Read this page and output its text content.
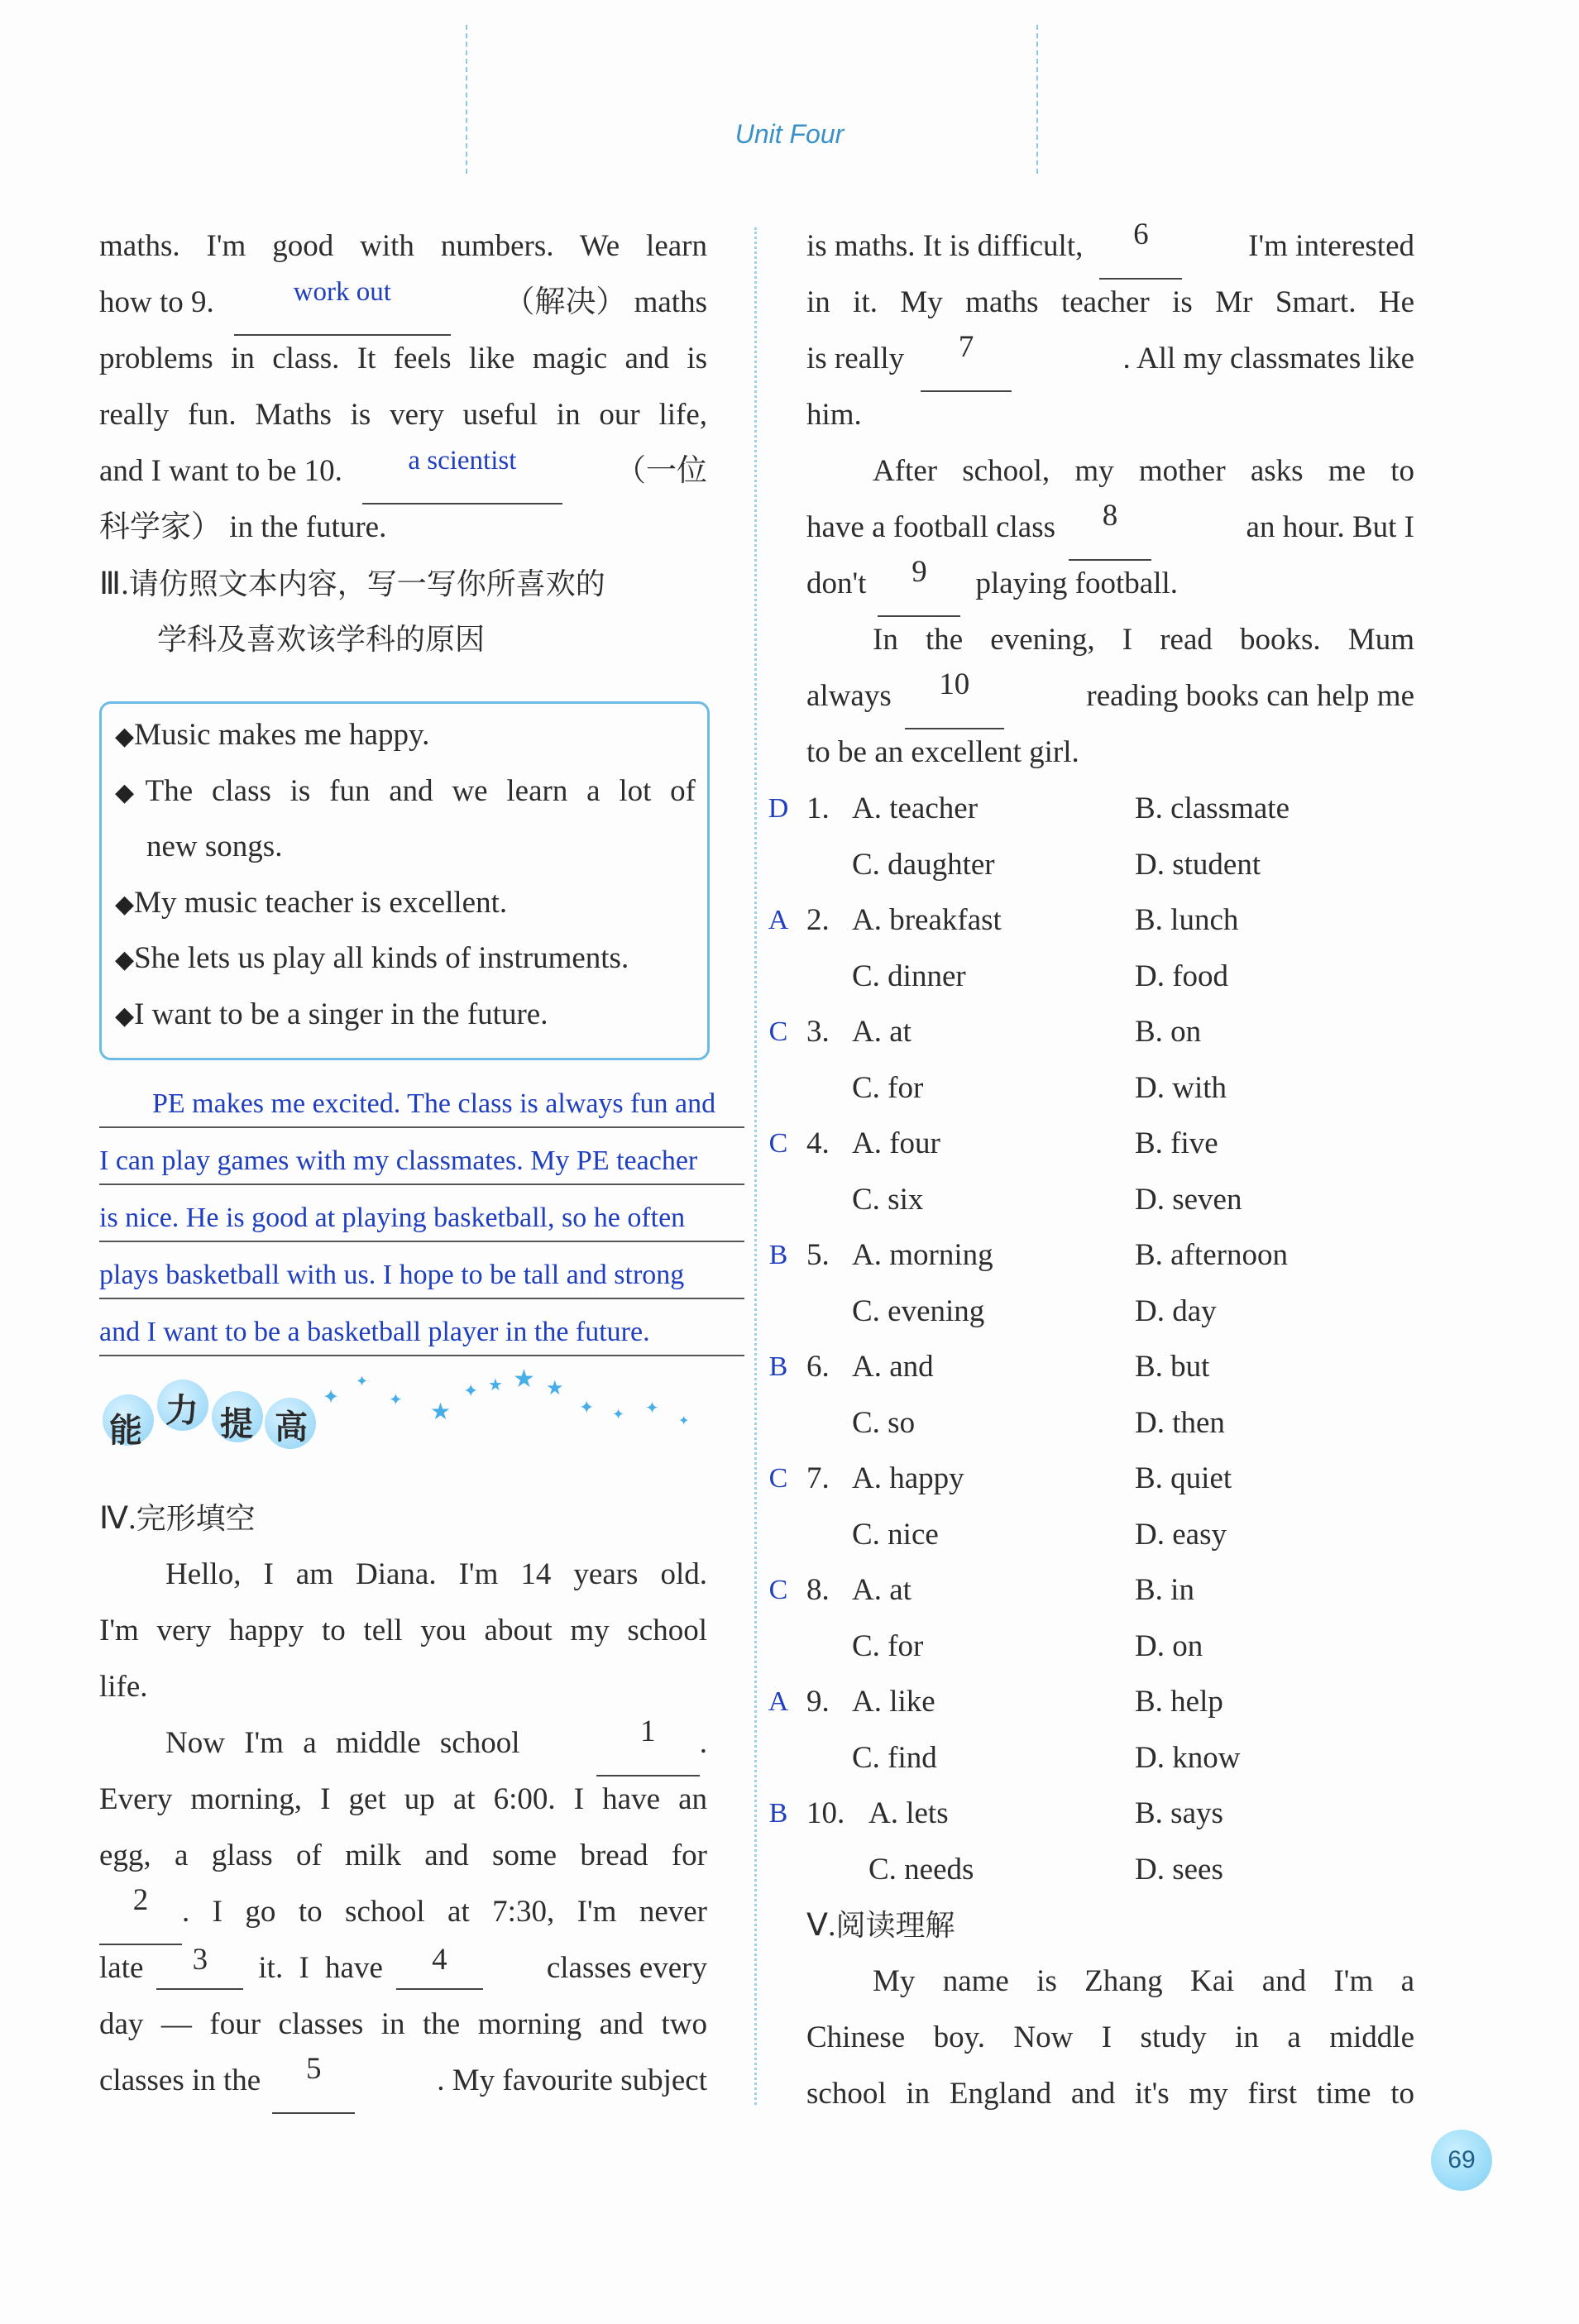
Unit Four
maths. I'm good with numbers. We learn
how to 9.	work out	（解决） maths
problems in class. It feels like magic and is
really fun. Maths is very useful in our life,
and I want to be 10.	a scientist	（一位
科学家） in the future.
Ⅲ.请仿照文本内容，写一写你所喜欢的
学科及喜欢该学科的原因
◆Music makes me happy.
◆The class is fun and we learn a lot of
new songs.
◆My music teacher is excellent.
◆She lets us play all kinds of instruments.
◆I want to be a singer in the future.
PE makes me excited. The class is always fun and
I can play games with my classmates. My PE teacher
is nice. He is good at playing basketball, so he often
plays basketball with us. I hope to be tall and strong
and I want to be a basketball player in the future.
能
力 提 高
✦
✦
✦ ★
✦ ★ ★ ★
✦ ✦ ✦
✦
Ⅳ.完形填空
Hello, I am Diana. I'm 14 years old.
I'm very happy to tell you about my school
life.
Now I'm a middle school	1	.
Every morning, I get up at 6:00. I have an
egg, a glass of milk and some bread for
2	. I go to school at 7:30, I'm never
late	3	it. I have	4	classes every
day — four classes in the morning and two
classes in the	5	. My favourite subject
is maths. It is difficult,	6	I'm interested
in it. My maths teacher is Mr Smart. He
is really	7	. All my classmates like
him.
After school, my mother asks me to
have a football class	8	an hour. But I
don't	9	playing football.
In the evening, I read books. Mum
always	10	reading books can help me
to be an excellent girl.
D 1. A. teacher	B. classmate
C. daughter	D. student
A 2. A. breakfast	B. lunch
C. dinner	D. food
C 3. A. at	B. on
C. for	D. with
C 4. A. four	B. five
C. six	D. seven
B 5. A. morning	B. afternoon
C. evening	D. day
B 6. A. and	B. but
C. so	D. then
C 7. A. happy	B. quiet
C. nice	D. easy
C 8. A. at	B. in
C. for	D. on
A 9. A. like	B. help
C. find	D. know
B 10. A. lets	B. says
C. needs	D. sees
Ⅴ.阅读理解
My name is Zhang Kai and I'm a
Chinese boy. Now I study in a middle
school in England and it's my first time to
69
